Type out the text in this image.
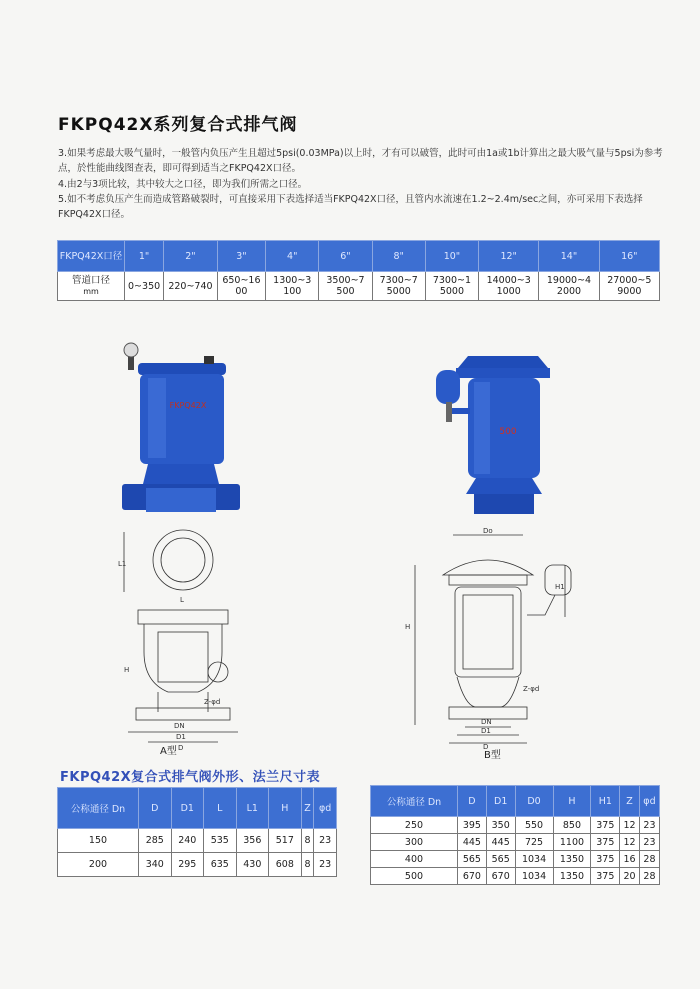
FKPQ42X系列复合式排气阀
3.如果考虑最大吸气量时，一般管内负压产生且超过5psi(0.03MPa)以上时，才有可以破管，此时可由1a或1b计算出之最大吸气量与5psi为参考点，於性能曲线图查表，即可得到适当之FKPQ42X口径。
4.由2与3项比较，其中较大之口径，即为我们所需之口径。
5.如不考虑负压产生而造成管路破裂时，可直接采用下表选择适当FKPQ42X口径，且管内水流速在1.2~2.4m/sec之间，亦可采用下表选择FKPQ42X口径。
FKPQ42X口径	1"	2"	3"	4"	6"	8"	10"	12"	14"	16"

管道口径
mm	0~350	220~740	650~1600	1300~3100	3500~7500	7300~75000	7300~15000	14000~31000	19000~42000	27000~59000
FKPQ42X
500
L1
L
H
DN
D1
D
Z-φd
A型
Do
H
H1
Z-φd
DN
D1
D
B型
FKPQ42X复合式排气阀外形、法兰尺寸表
公称通径 Dn	D	D1	L	L1	H	Z	φd
150	285	240	535	356	517	8	23
200	340	295	635	430	608	8	23
公称通径 Dn	D	D1	D0	H	H1	Z	φd
250	395	350	550	850	375	12	23
300	445	445	725	1100	375	12	23
400	565	565	1034	1350	375	16	28
500	670	670	1034	1350	375	20	28
